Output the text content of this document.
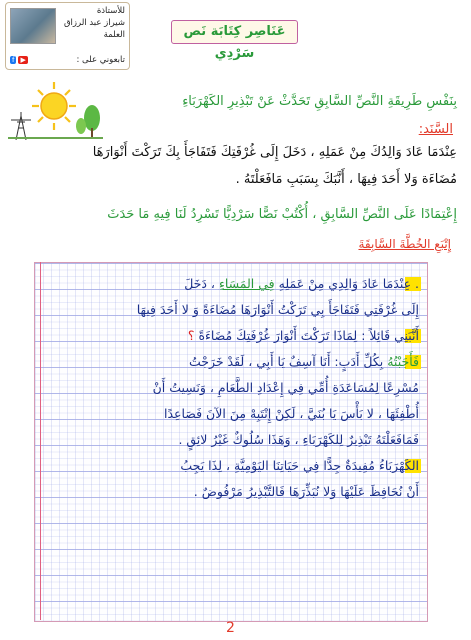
للأستاذة
شيراز عبد الرزاق
العلمة
تابعوني على :
f ▶
عَنَاصِر كِتَابَة نَص سَرْدِي
بِنَفْسِ طَرِيقَةِ النَّصِّ السَّابِقِ تَحَدَّثْ عَنْ تَبْذِيرِ الكَهْرَبَاءِ
السَّنَد:
عِنْدَمَا عَادَ وَالِدُكَ مِنْ عَمَلِهِ ، دَخَلَ إِلَى غُرْفَتِكَ فَتَفَاجَأَ بِكَ تَرَكْتَ أَنْوَارَهَا
مُضَاءَة وَلا أَحَدَ فِيهَا ، أَنَّبَكَ بِسَبَبِ مَافَعَلْتَهُ .
إِعْتِمَادًا عَلَى النَّصِّ السَّابِقِ ، أُكْتُبْ نَصًّا سَرْدِيًّا تَسْرِدُ لَنَا فِيهِ مَا حَدَثَ
إِتْبَعِ الخُطَّةَ السَّابِقَةَ
. عِنْدَمَا عَادَ وَالِدِي مِنْ عَمَلِهِ فِي المَسَاءِ ، دَخَلَ
إِلَى غُرْفَتِي فَتَفَاجَأَ بِي تَرَكْتُ أَنْوَارَهَا مُضَاءَةً وَ لا أَحَدَ فِيهَا
أَنَّبَنِي قَائِلاً : لِمَاذَا تَرَكْتَ أَنْوَارَ غُرْفَتِكَ مُضَاءَةً ؟
فَأَجَبْتُهُ بِكُلِّ أَدَبٍ: أَنَا آسِفٌ يَا أَبِي ، لَقَدْ خَرَجْتُ
مُسْرِعًا لِمُسَاعَدَةِ أُمِّي فِي إِعْدَادِ الطَّعَامِ ، وَنَسِيتُ أَنْ
أُطْفِئَهَا ، لا بَأْسَ يَا بُنَيَّ ، لَكِنْ إِنْتَبِهْ مِنَ الآنَ فَصَاعِدًا
فَمَافَعَلْتَهُ تَبْذِيرٌ لِلكَهْرَبَاءِ ، وَهَذَا سُلُوكٌ غَيْرُ لائِقٍ .
الكَهْرَبَاءُ مُفِيدَةٌ جِدًّا فِي حَيَاتِنَا اليَوْمِيَّةِ ، لِذَا يَجِبُ
أَنْ نُحَافِظَ عَلَيْهَا وَلا نُبَذِّرَهَا فَالتَّبْذِيرُ مَرْفُوضٌ .
2
